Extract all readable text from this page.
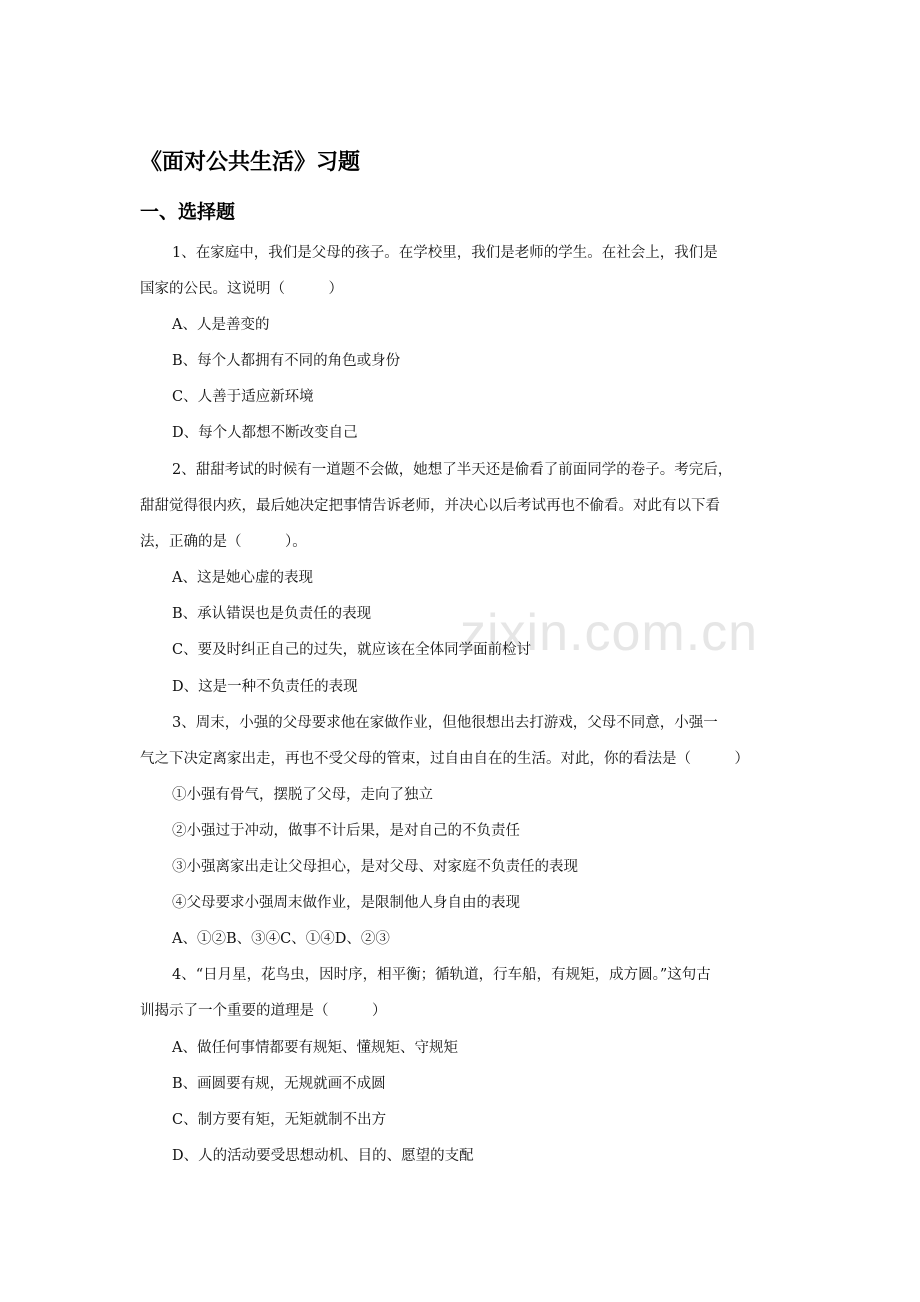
zixin.com.cn
《面对公共生活》习题
一、选择题
1、在家庭中，我们是父母的孩子。在学校里，我们是老师的学生。在社会上，我们是
国家的公民。这说明（　　　）
A、人是善变的
B、每个人都拥有不同的角色或身份
C、人善于适应新环境
D、每个人都想不断改变自己
2、甜甜考试的时候有一道题不会做，她想了半天还是偷看了前面同学的卷子。考完后，
甜甜觉得很内疚，最后她决定把事情告诉老师，并决心以后考试再也不偷看。对此有以下看
法，正确的是（　　　）。
A、这是她心虚的表现
B、承认错误也是负责任的表现
C、要及时纠正自己的过失，就应该在全体同学面前检讨
D、这是一种不负责任的表现
3、周末，小强的父母要求他在家做作业，但他很想出去打游戏，父母不同意，小强一
气之下决定离家出走，再也不受父母的管束，过自由自在的生活。对此，你的看法是（　　　）
①小强有骨气，摆脱了父母，走向了独立
②小强过于冲动，做事不计后果，是对自己的不负责任
③小强离家出走让父母担心，是对父母、对家庭不负责任的表现
④父母要求小强周末做作业，是限制他人身自由的表现
A、①②B、③④C、①④D、②③
4、“日月星，花鸟虫，因时序，相平衡；循轨道，行车船，有规矩，成方圆。”这句古
训揭示了一个重要的道理是（　　　）
A、做任何事情都要有规矩、懂规矩、守规矩
B、画圆要有规，无规就画不成圆
C、制方要有矩，无矩就制不出方
D、人的活动要受思想动机、目的、愿望的支配
